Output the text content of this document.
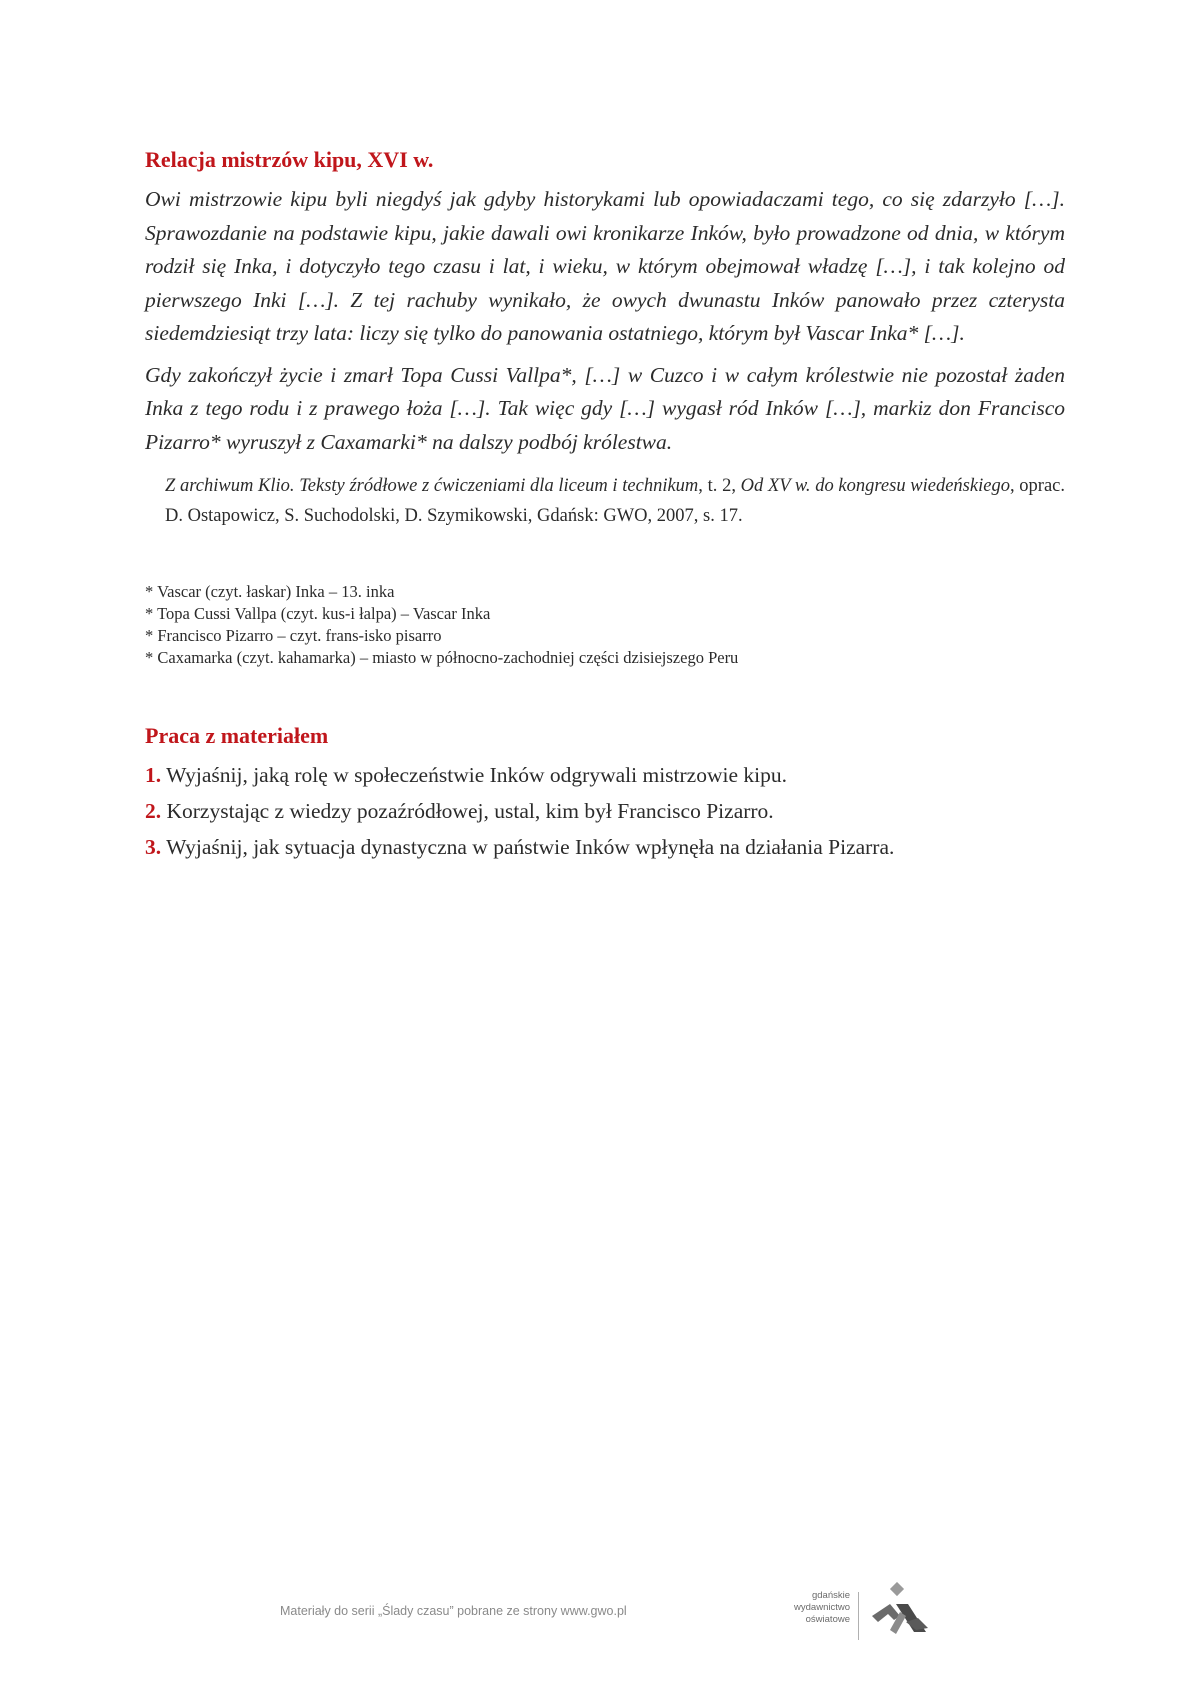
Relacja mistrzów kipu, XVI w.

Owi mistrzowie kipu byli niegdyś jak gdyby historykami lub opowiadaczami tego, co się zdarzyło […]. Sprawozdanie na podstawie kipu, jakie dawali owi kronikarze Inków, było prowadzone od dnia, w którym rodził się Inka, i dotyczyło tego czasu i lat, i wieku, w którym obejmował władzę […], i tak kolejno od pierwszego Inki […]. Z tej rachuby wynikało, że owych dwunastu Inków panowało przez czterysta siedemdziesiąt trzy lata: liczy się tylko do panowania ostatniego, którym był Vascar Inka* […].

Gdy zakończył życie i zmarł Topa Cussi Vallpa*, […] w Cuzco i w całym królestwie nie pozostał żaden Inka z tego rodu i z prawego łoża […]. Tak więc gdy […] wygasł ród Inków […], markiz don Francisco Pizarro* wyruszył z Caxamarki* na dalszy podbój królestwa.

Z archiwum Klio. Teksty źródłowe z ćwiczeniami dla liceum i technikum, t. 2, Od XV w. do kongresu wiedeńskiego, oprac. D. Ostapowicz, S. Suchodolski, D. Szymikowski, Gdańsk: GWO, 2007, s. 17.
* Vascar (czyt. łaskar) Inka – 13. inka
* Topa Cussi Vallpa (czyt. kus-i łalpa) – Vascar Inka
* Francisco Pizarro – czyt. frans-isko pisarro
* Caxamarka (czyt. kahamarka) – miasto w północno-zachodniej części dzisiejszego Peru
Praca z materiałem
1. Wyjaśnij, jaką rolę w społeczeństwie Inków odgrywali mistrzowie kipu.
2. Korzystając z wiedzy pozaźródłowej, ustal, kim był Francisco Pizarro.
3. Wyjaśnij, jak sytuacja dynastyczna w państwie Inków wpłynęła na działania Pizarra.
Materiały do serii „Ślady czasu” pobrane ze strony www.gwo.pl
gdańskie
wydawnictwo
oświatowe
